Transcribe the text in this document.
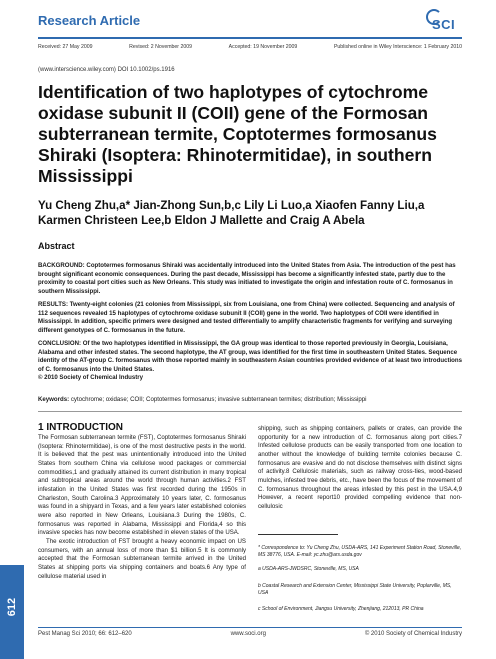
Research Article	SCI
Received: 27 May 2009	Revised: 2 November 2009	Accepted: 19 November 2009	Published online in Wiley Interscience: 1 February 2010
(www.interscience.wiley.com) DOI 10.1002/ps.1916
Identification of two haplotypes of cytochrome oxidase subunit II (COII) gene of the Formosan subterranean termite, Coptotermes formosanus Shiraki (Isoptera: Rhinotermitidae), in southern Mississippi
Yu Cheng Zhu,a* Jian-Zhong Sun,b,c Lily Li Luo,a Xiaofen Fanny Liu,a
Karmen Christeen Lee,b Eldon J Mallette and Craig A Abela
Abstract
BACKGROUND: Coptotermes formosanus Shiraki was accidentally introduced into the United States from Asia. The introduction of the pest has brought significant economic consequences. During the past decade, Mississippi has become a significantly infested state, partly due to the proximity to coastal port cities such as New Orleans. This study was initiated to investigate the origin and infestation route of C. formosanus in southern Mississippi.
RESULTS: Twenty-eight colonies (21 colonies from Mississippi, six from Louisiana, one from China) were collected. Sequencing and analysis of 112 sequences revealed 15 haplotypes of cytochrome oxidase subunit II (COII) gene in the world. Two haplotypes of COII were identified in Mississippi. In addition, specific primers were designed and tested differentially to amplify characteristic fragments for verifying and surveying different genotypes of C. formosanus in the future.
CONCLUSION: Of the two haplotypes identified in Mississippi, the GA group was identical to those reported previously in Georgia, Louisiana, Alabama and other infested states. The second haplotype, the AT group, was identified for the first time in southeastern United States. Sequence identity of the AT-group C. formosanus with those reported mainly in southeastern Asian countries provided evidence of at least two introductions of C. formosanus into the United States.
© 2010 Society of Chemical Industry
Keywords: cytochrome; oxidase; COII; Coptotermes formosanus; invasive subterranean termites; distribution; Mississippi
1 INTRODUCTION

The Formosan subterranean termite (FST), Coptotermes formosanus Shiraki (Isoptera: Rhinotermitidae), is one of the most destructive pests in the world. It is believed that the pest was unintentionally introduced into the United States from southern China via cellulose wood packages or commercial commodities,1 and gradually attained its current distribution in many tropical and subtropical areas around the world through human activities.2 FST infestation in the United States was first recorded during the 1950s in Charleston, South Carolina.3 Approximately 10 years later, C. formosanus was found in a shipyard in Texas, and a few years later established colonies were also reported in New Orleans, Louisiana.3 During the 1980s, C. formosanus was reported in Alabama, Mississippi and Florida,4 so this invasive species has now become established in eleven states of the USA.

The exotic introduction of FST brought a heavy economic impact on US consumers, with an annual loss of more than $1 billion.5 It is commonly accepted that the Formosan subterranean termite arrived in the United States at shipping ports via shipping containers and boats.6 Any type of cellulose material used in

shipping, such as shipping containers, pallets or crates, can provide the opportunity for a new introduction of C. formosanus along port cities.7 Infested cellulose products can be easily transported from one location to another without the knowledge of building termite colonies because C. formosanus are evasive and do not disclose themselves with distinct signs of activity.8 Cellulosic materials, such as railway cross-ties, wood-based mulches, infested tree debris, etc., have been the focus of the movement of C. formosanus throughout the areas infested by this pest in the USA.4,9 However, a recent report10 provided compelling evidence that non-cellulosic

* Correspondence to: Yu Cheng Zhu, USDA-ARS, 141 Experiment Station Road, Stoneville, MS 38776, USA. E-mail: yc.zhu@ars.usda.gov
a USDA-ARS-JWDSRC, Stoneville, MS, USA
b Coastal Research and Extension Center, Mississippi State University, Poplarville, MS, USA
c School of Environment, Jiangsu University, Zhenjiang, 212013, PR China
612
Pest Manag Sci 2010; 66: 612–620	www.soci.org	© 2010 Society of Chemical Industry
